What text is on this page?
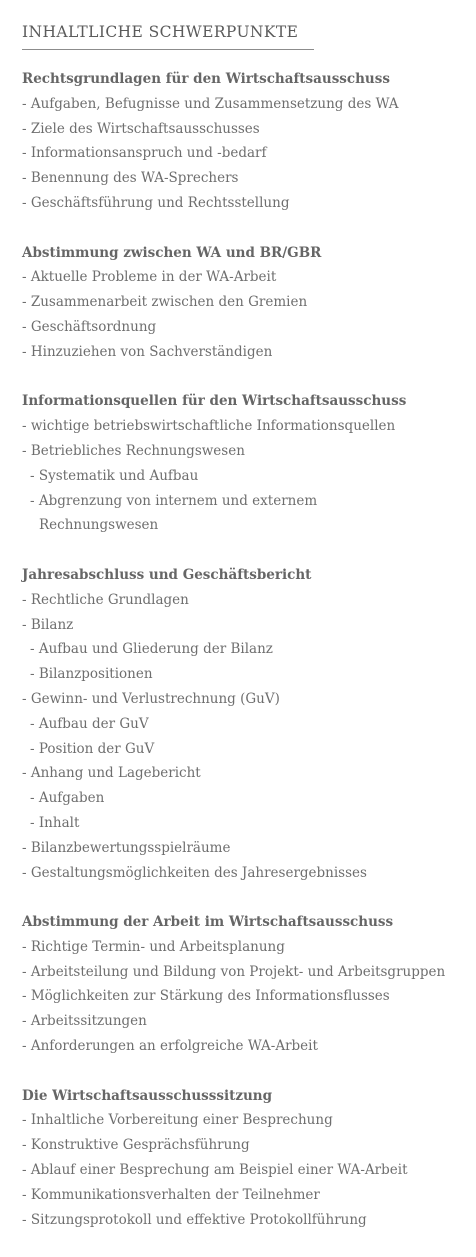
INHALTLICHE SCHWERPUNKTE
Rechtsgrundlagen für den Wirtschaftsausschuss
- Aufgaben, Befugnisse und Zusammensetzung des WA
- Ziele des Wirtschaftsausschusses
- Informationsanspruch und -bedarf
- Benennung des WA-Sprechers
- Geschäftsführung und Rechtsstellung
Abstimmung zwischen WA und BR/GBR
- Aktuelle Probleme in der WA-Arbeit
- Zusammenarbeit zwischen den Gremien
- Geschäftsordnung
- Hinzuziehen von Sachverständigen
Informationsquellen für den Wirtschaftsausschuss
- wichtige betriebswirtschaftliche Informationsquellen
- Betriebliches Rechnungswesen
- Systematik und Aufbau
- Abgrenzung von internem und externem
Rechnungswesen
Jahresabschluss und Geschäftsbericht
- Rechtliche Grundlagen
- Bilanz
- Aufbau und Gliederung der Bilanz
- Bilanzpositionen
- Gewinn- und Verlustrechnung (GuV)
- Aufbau der GuV
- Position der GuV
- Anhang und Lagebericht
- Aufgaben
- Inhalt
- Bilanzbewertungsspielräume
- Gestaltungsmöglichkeiten des Jahresergebnisses
Abstimmung der Arbeit im Wirtschaftsausschuss
- Richtige Termin- und Arbeitsplanung
- Arbeitsteilung und Bildung von Projekt- und Arbeitsgruppen
- Möglichkeiten zur Stärkung des Informationsflusses
- Arbeitssitzungen
- Anforderungen an erfolgreiche WA-Arbeit
Die Wirtschaftsausschusssitzung
- Inhaltliche Vorbereitung einer Besprechung
- Konstruktive Gesprächsführung
- Ablauf einer Besprechung am Beispiel einer WA-Arbeit
- Kommunikationsverhalten der Teilnehmer
- Sitzungsprotokoll und effektive Protokollführung
